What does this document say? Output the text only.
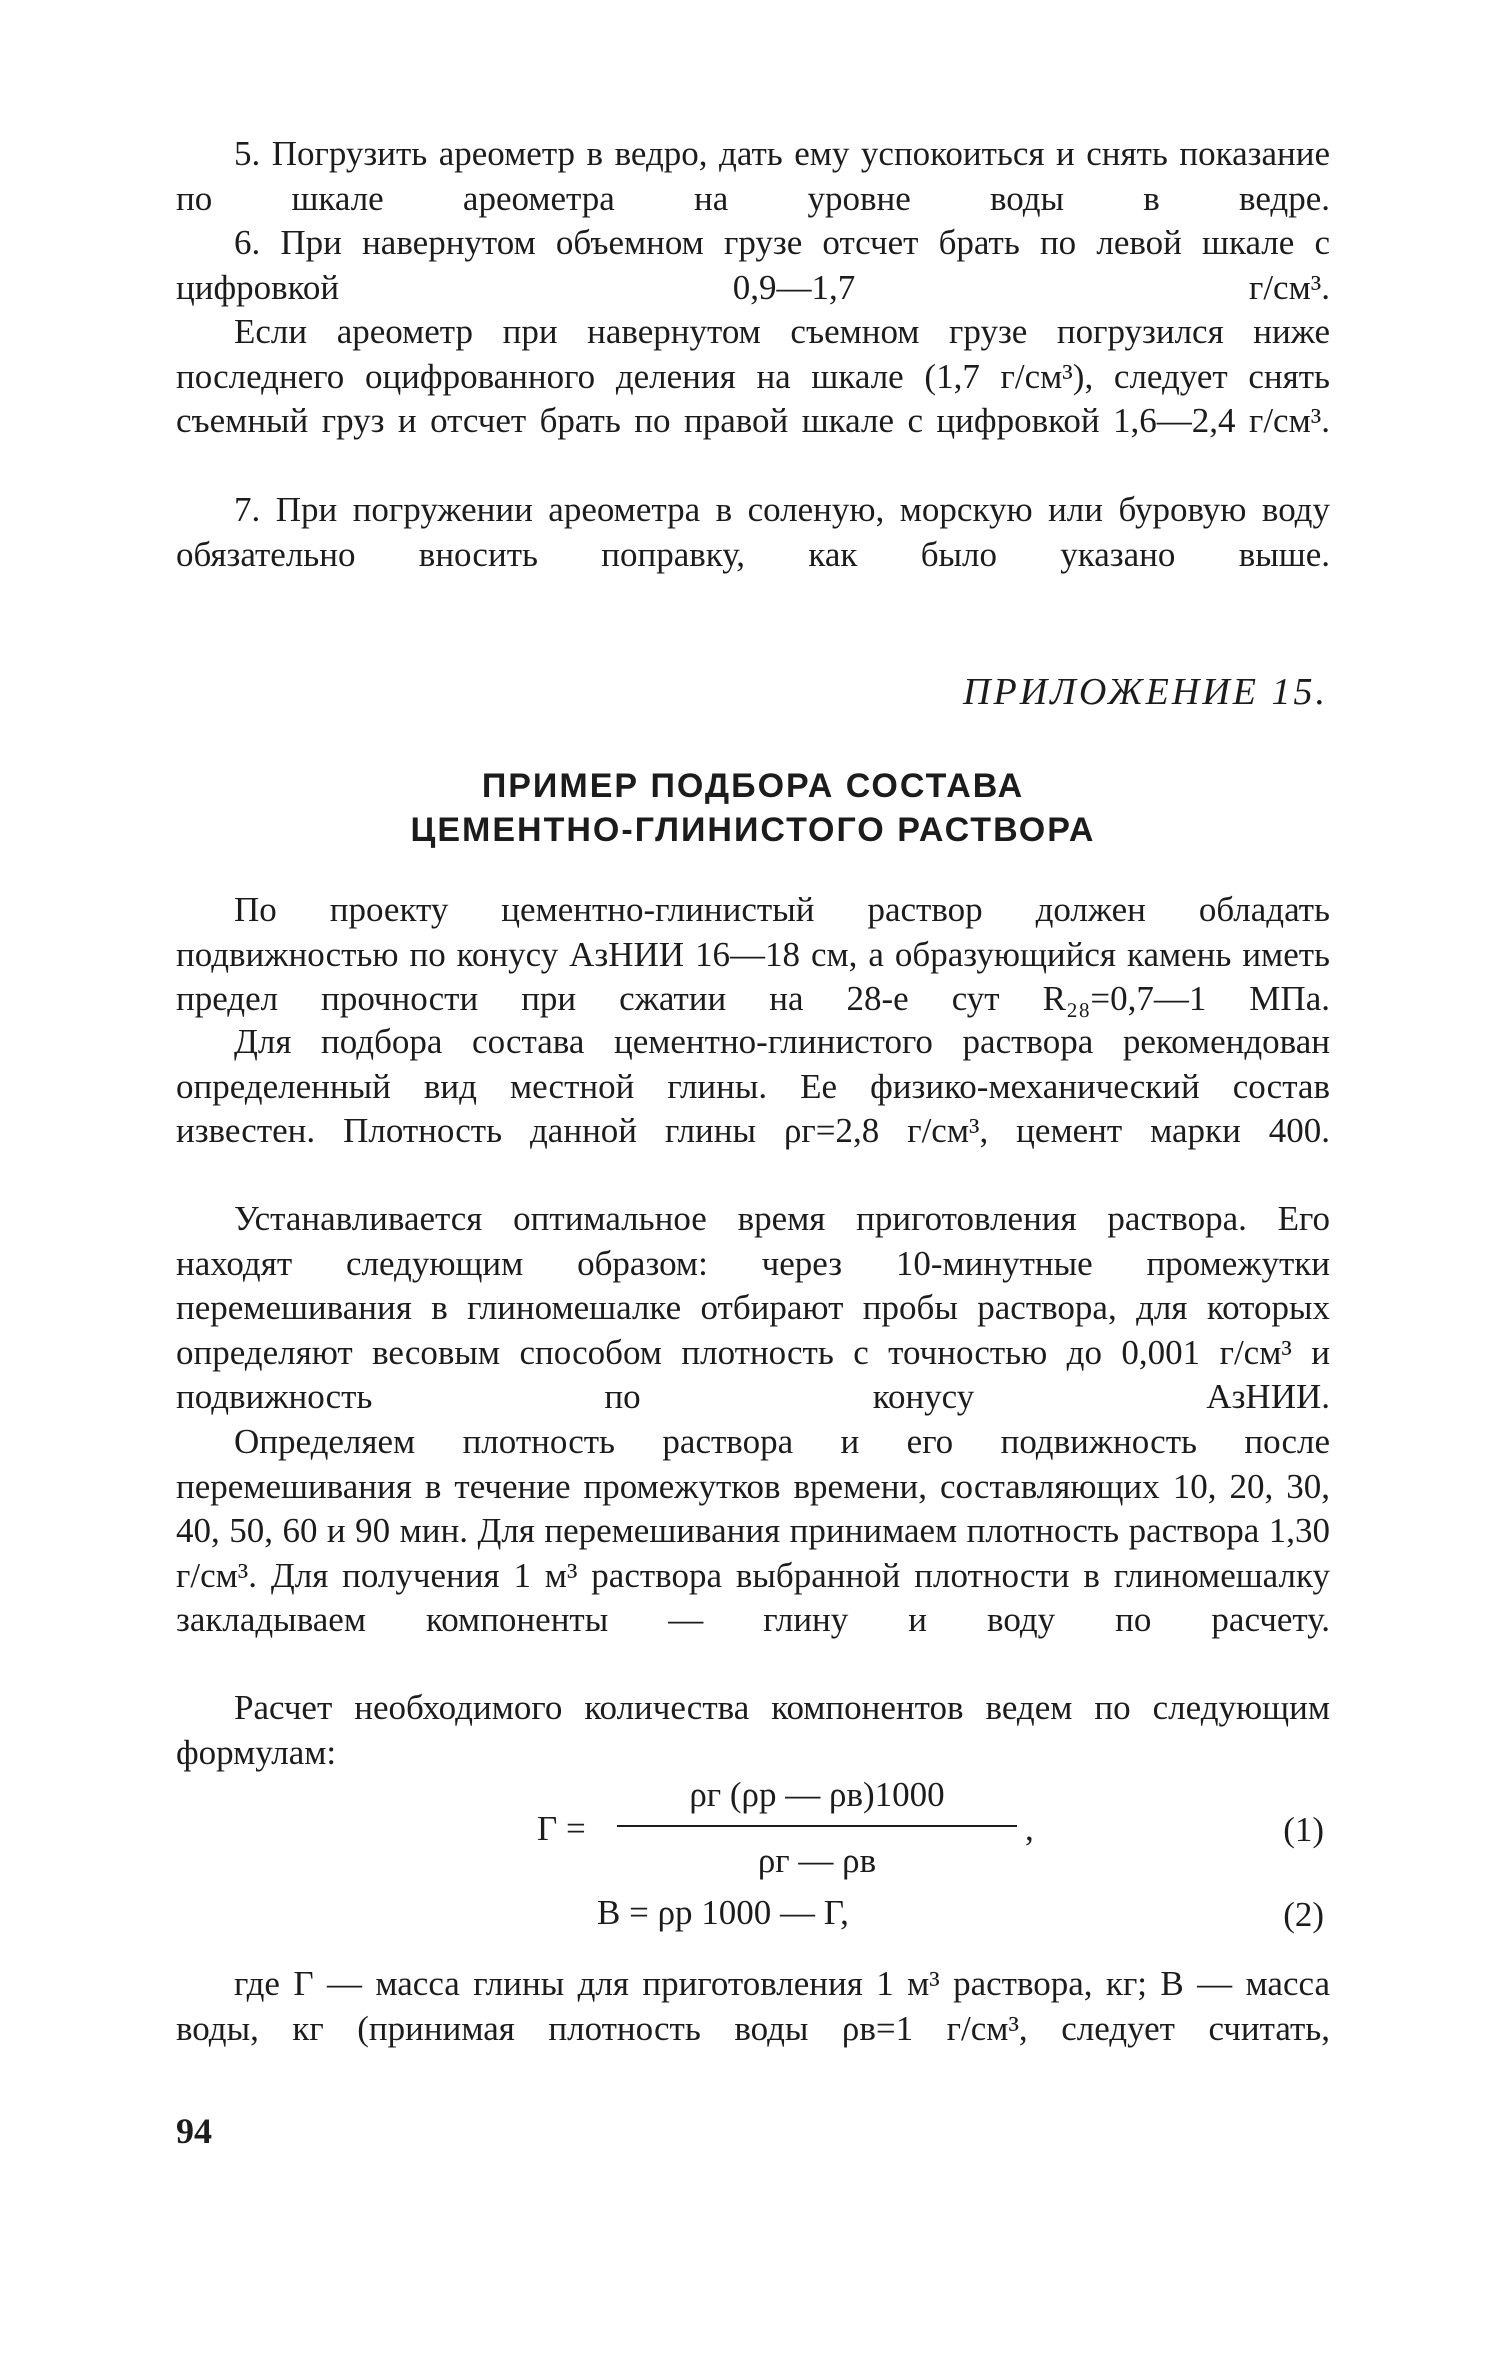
5. Погрузить ареометр в ведро, дать ему успокоиться и снять показание по шкале ареометра на уровне воды в ведре.

6. При навернутом объемном грузе отсчет брать по левой шкале с цифровкой 0,9—1,7 г/см³.

Если ареометр при навернутом съемном грузе погрузился ниже последнего оцифрованного деления на шкале (1,7 г/см³), следует снять съемный груз и отсчет брать по правой шкале с цифровкой 1,6—2,4 г/см³.

7. При погружении ареометра в соленую, морскую или буровую воду обязательно вносить поправку, как было указано выше.

ПРИЛОЖЕНИЕ 15.
ПРИМЕР ПОДБОРА СОСТАВА
ЦЕМЕНТНО-ГЛИНИСТОГО РАСТВОРА

По проекту цементно-глинистый раствор должен обладать подвижностью по конусу АзНИИ 16—18 см, а образующийся камень иметь предел прочности при сжатии на 28-е сут R₂₈=0,7—1 МПа.

Для подбора состава цементно-глинистого раствора рекомендован определенный вид местной глины. Ее физико-механический состав известен. Плотность данной глины ρг=2,8 г/см³, цемент марки 400.

Устанавливается оптимальное время приготовления раствора. Его находят следующим образом: через 10-минутные промежутки перемешивания в глиномешалке отбирают пробы раствора, для которых определяют весовым способом плотность с точностью до 0,001 г/см³ и подвижность по конусу АзНИИ.

Определяем плотность раствора и его подвижность после перемешивания в течение промежутков времени, составляющих 10, 20, 30, 40, 50, 60 и 90 мин. Для перемешивания принимаем плотность раствора 1,30 г/см³. Для получения 1 м³ раствора выбранной плотности в глиномешалку закладываем компоненты — глину и воду по расчету.

Расчет необходимого количества компонентов ведем по следующим формулам:

Г =
ρг (ρр — ρв)1000
ρг — ρв
,	(1)
В = ρр 1000 — Г,	(2)

где Г — масса глины для приготовления 1 м³ раствора, кг; В — масса воды, кг (принимая плотность воды ρв=1 г/см³, следует считать,

94
